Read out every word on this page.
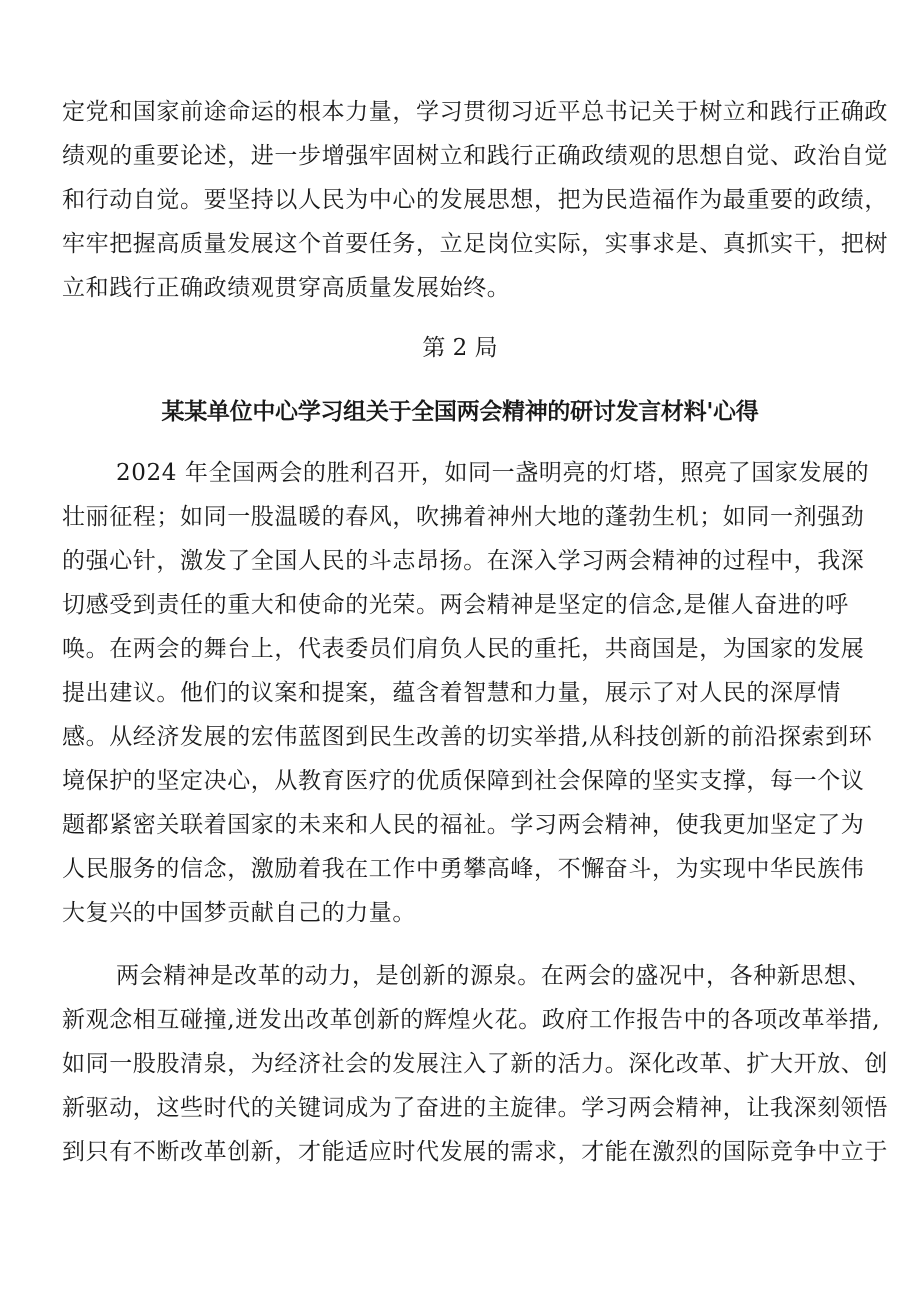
定党和国家前途命运的根本力量，学习贯彻习近平总书记关于树立和践行正确政
绩观的重要论述，进一步增强牢固树立和践行正确政绩观的思想自觉、政治自觉
和行动自觉。要坚持以人民为中心的发展思想，把为民造福作为最重要的政绩，
牢牢把握高质量发展这个首要任务，立足岗位实际，实事求是、真抓实干，把树
立和践行正确政绩观贯穿高质量发展始终。
第 2 局
某某单位中心学习组关于全国两会精神的研讨发言材料'心得
2024 年全国两会的胜利召开，如同一盏明亮的灯塔，照亮了国家发展的
壮丽征程；如同一股温暖的春风，吹拂着神州大地的蓬勃生机；如同一剂强劲
的强心针，激发了全国人民的斗志昂扬。在深入学习两会精神的过程中，我深
切感受到责任的重大和使命的光荣。两会精神是坚定的信念,是催人奋进的呼
唤。在两会的舞台上，代表委员们肩负人民的重托，共商国是，为国家的发展
提出建议。他们的议案和提案，蕴含着智慧和力量，展示了对人民的深厚情
感。从经济发展的宏伟蓝图到民生改善的切实举措,从科技创新的前沿探索到环
境保护的坚定决心，从教育医疗的优质保障到社会保障的坚实支撑，每一个议
题都紧密关联着国家的未来和人民的福祉。学习两会精神，使我更加坚定了为
人民服务的信念，激励着我在工作中勇攀高峰，不懈奋斗，为实现中华民族伟
大复兴的中国梦贡献自己的力量。
两会精神是改革的动力，是创新的源泉。在两会的盛况中，各种新思想、
新观念相互碰撞,迸发出改革创新的辉煌火花。政府工作报告中的各项改革举措,
如同一股股清泉，为经济社会的发展注入了新的活力。深化改革、扩大开放、创
新驱动，这些时代的关键词成为了奋进的主旋律。学习两会精神，让我深刻领悟
到只有不断改革创新，才能适应时代发展的需求，才能在激烈的国际竞争中立于
